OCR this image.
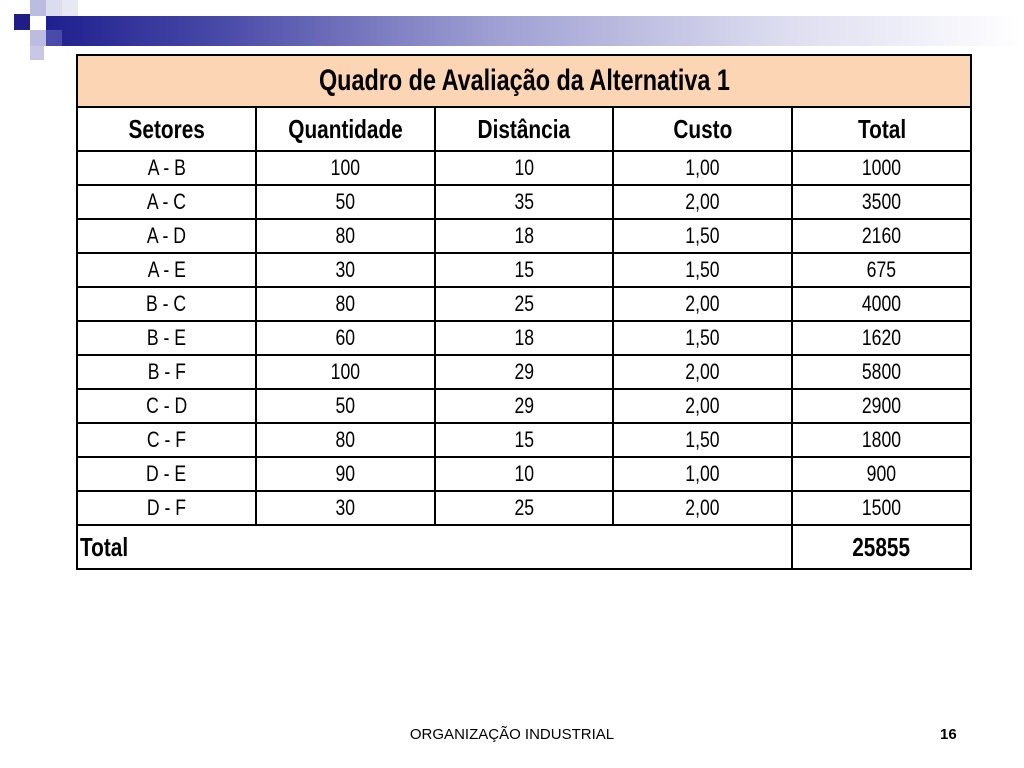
Quadro de Avaliação da Alternativa 1				
Setores	Quantidade	Distância	Custo	Total
A - B	100	10	1,00	1000
A - C	50	35	2,00	3500
A - D	80	18	1,50	2160
A - E	30	15	1,50	675
B - C	80	25	2,00	4000
B - E	60	18	1,50	1620
B - F	100	29	2,00	5800
C - D	50	29	2,00	2900
C - F	80	15	1,50	1800
D - E	90	10	1,00	900
D - F	30	25	2,00	1500
Total				25855
ORGANIZAÇÃO INDUSTRIAL	16
